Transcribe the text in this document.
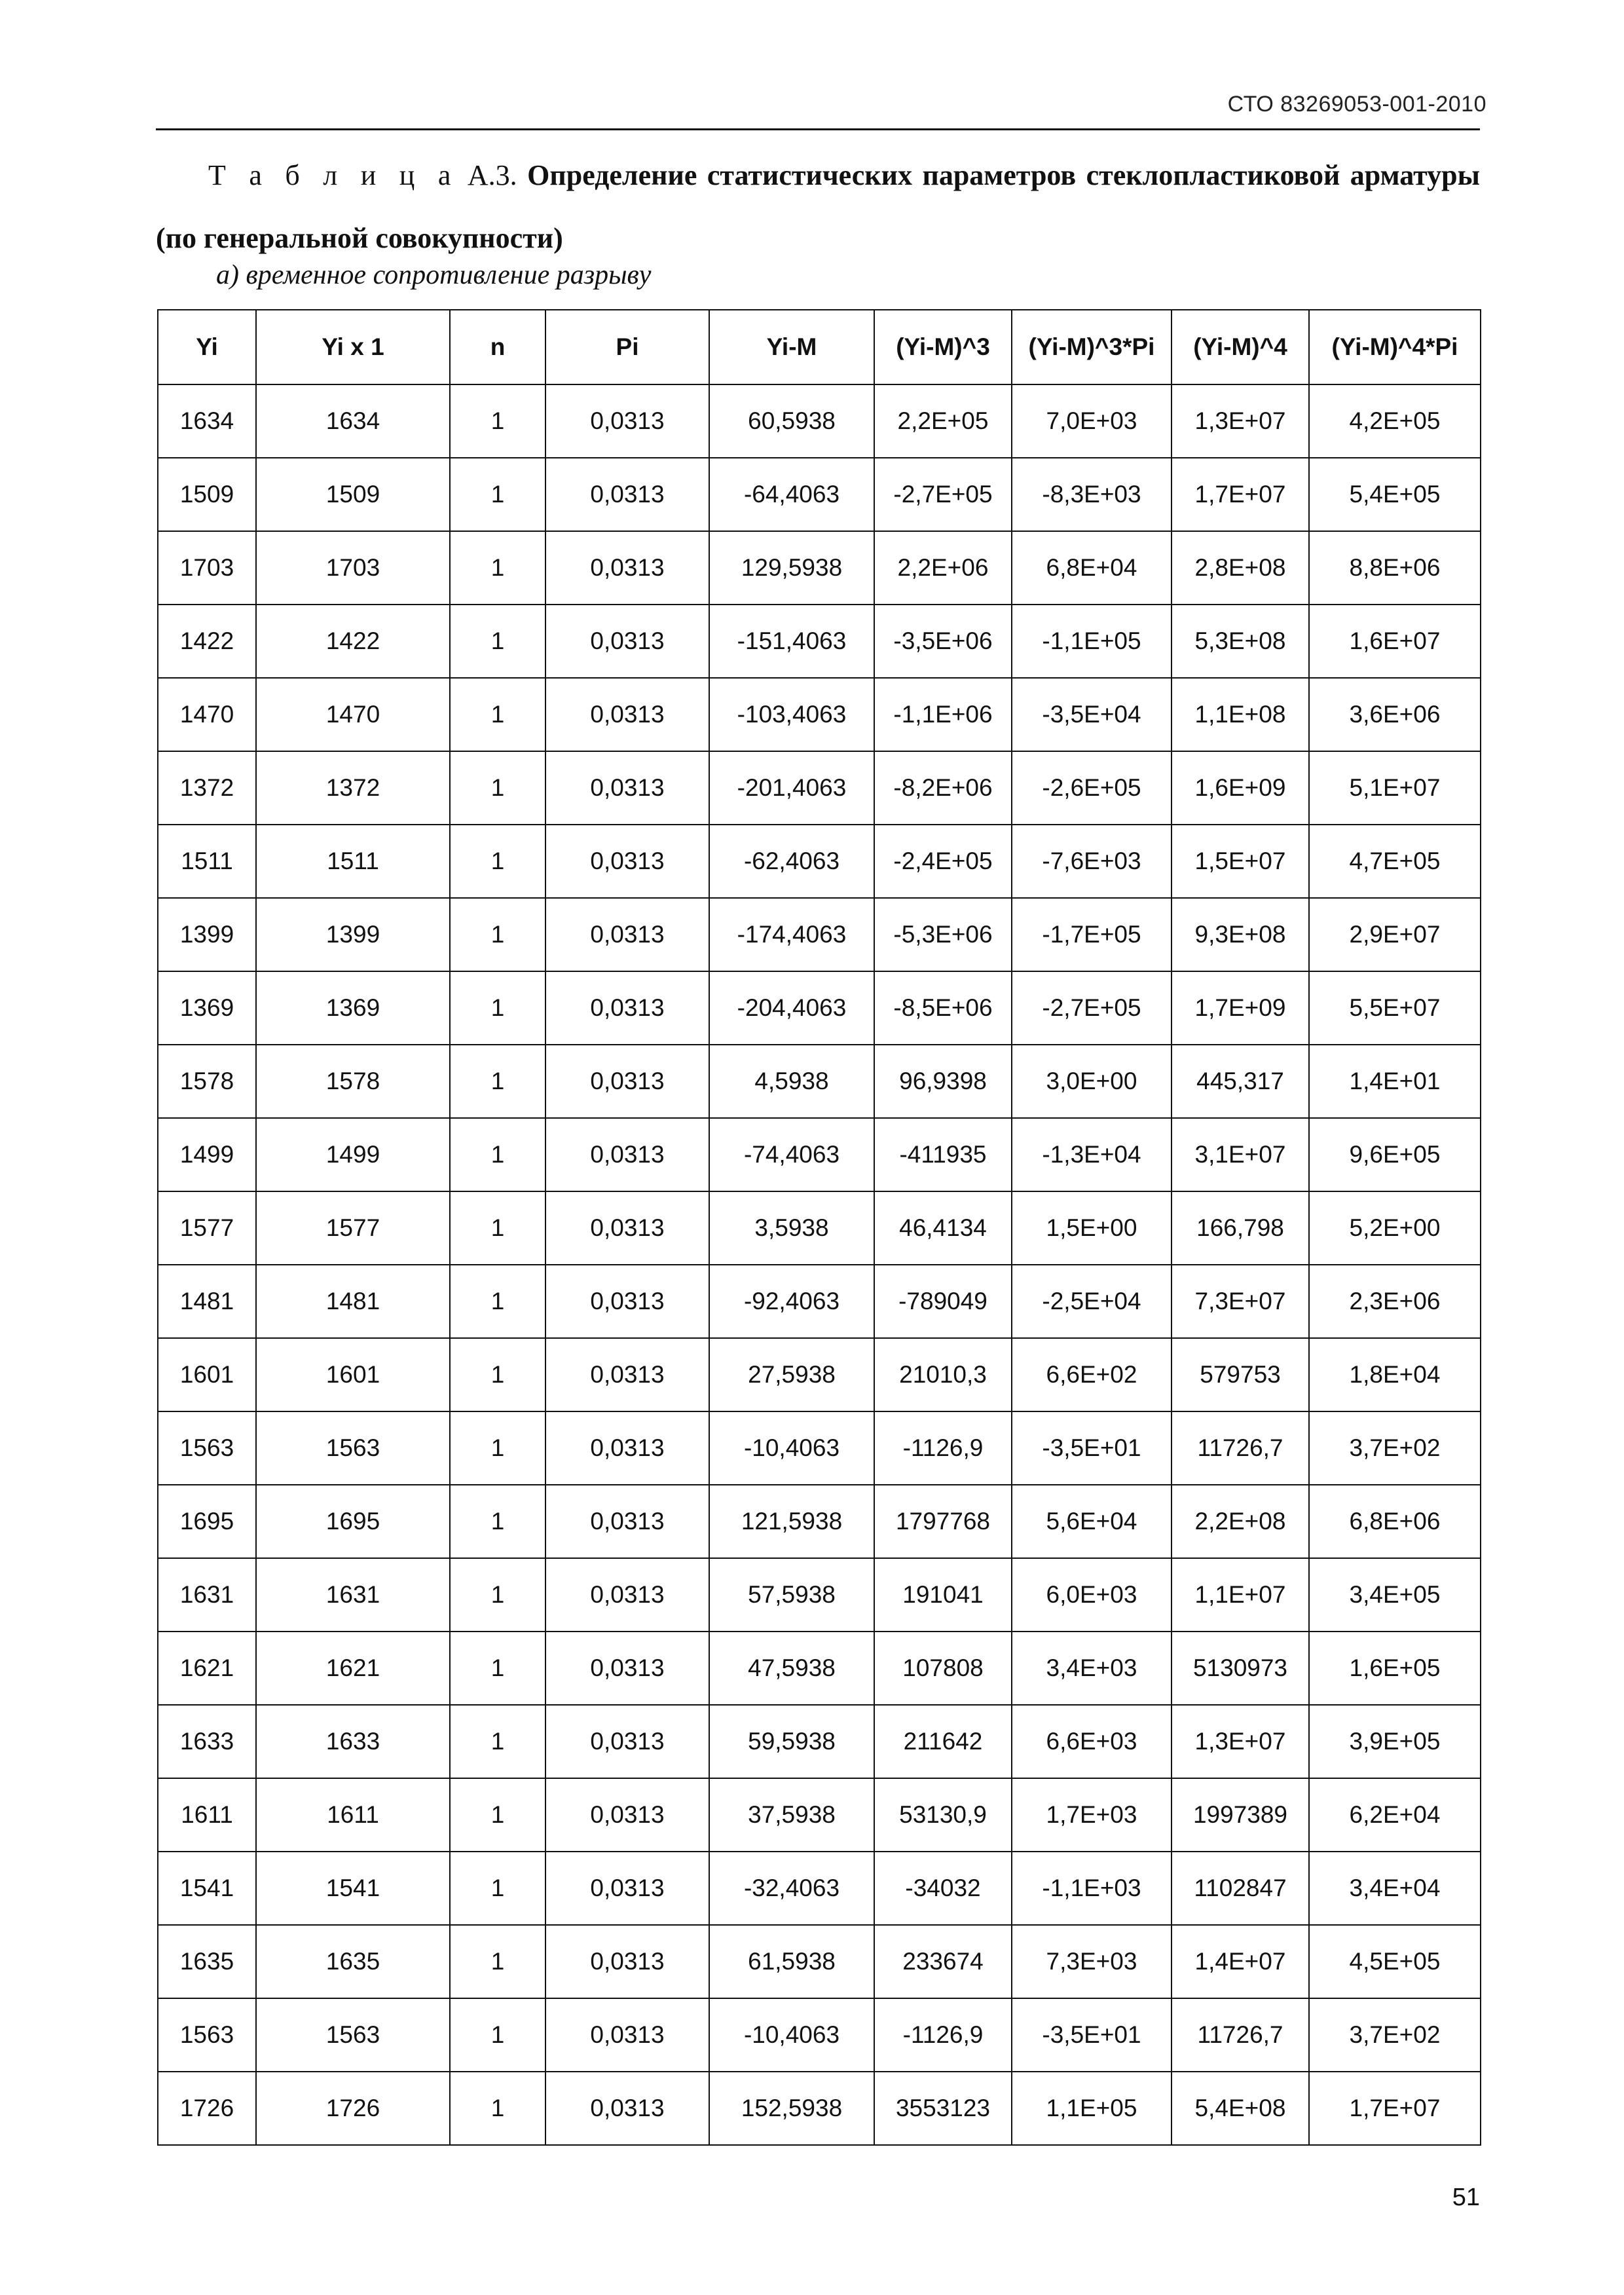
СТО 83269053-001-2010
Т а б л и ц а А.3. Определение статистических параметров стеклопластиковой арматуры (по генеральной совокупности)
а) временное сопротивление разрыву
Yi	Yi x 1	n	Pi	Yi-M	(Yi-M)^3	(Yi-M)^3*Pi	(Yi-M)^4	(Yi-M)^4*Pi
1634	1634	1	0,0313	60,5938	2,2E+05	7,0E+03	1,3E+07	4,2E+05
1509	1509	1	0,0313	-64,4063	-2,7E+05	-8,3E+03	1,7E+07	5,4E+05
1703	1703	1	0,0313	129,5938	2,2E+06	6,8E+04	2,8E+08	8,8E+06
1422	1422	1	0,0313	-151,4063	-3,5E+06	-1,1E+05	5,3E+08	1,6E+07
1470	1470	1	0,0313	-103,4063	-1,1E+06	-3,5E+04	1,1E+08	3,6E+06
1372	1372	1	0,0313	-201,4063	-8,2E+06	-2,6E+05	1,6E+09	5,1E+07
1511	1511	1	0,0313	-62,4063	-2,4E+05	-7,6E+03	1,5E+07	4,7E+05
1399	1399	1	0,0313	-174,4063	-5,3E+06	-1,7E+05	9,3E+08	2,9E+07
1369	1369	1	0,0313	-204,4063	-8,5E+06	-2,7E+05	1,7E+09	5,5E+07
1578	1578	1	0,0313	4,5938	96,9398	3,0E+00	445,317	1,4E+01
1499	1499	1	0,0313	-74,4063	-411935	-1,3E+04	3,1E+07	9,6E+05
1577	1577	1	0,0313	3,5938	46,4134	1,5E+00	166,798	5,2E+00
1481	1481	1	0,0313	-92,4063	-789049	-2,5E+04	7,3E+07	2,3E+06
1601	1601	1	0,0313	27,5938	21010,3	6,6E+02	579753	1,8E+04
1563	1563	1	0,0313	-10,4063	-1126,9	-3,5E+01	11726,7	3,7E+02
1695	1695	1	0,0313	121,5938	1797768	5,6E+04	2,2E+08	6,8E+06
1631	1631	1	0,0313	57,5938	191041	6,0E+03	1,1E+07	3,4E+05
1621	1621	1	0,0313	47,5938	107808	3,4E+03	5130973	1,6E+05
1633	1633	1	0,0313	59,5938	211642	6,6E+03	1,3E+07	3,9E+05
1611	1611	1	0,0313	37,5938	53130,9	1,7E+03	1997389	6,2E+04
1541	1541	1	0,0313	-32,4063	-34032	-1,1E+03	1102847	3,4E+04
1635	1635	1	0,0313	61,5938	233674	7,3E+03	1,4E+07	4,5E+05
1563	1563	1	0,0313	-10,4063	-1126,9	-3,5E+01	11726,7	3,7E+02
1726	1726	1	0,0313	152,5938	3553123	1,1E+05	5,4E+08	1,7E+07
51
